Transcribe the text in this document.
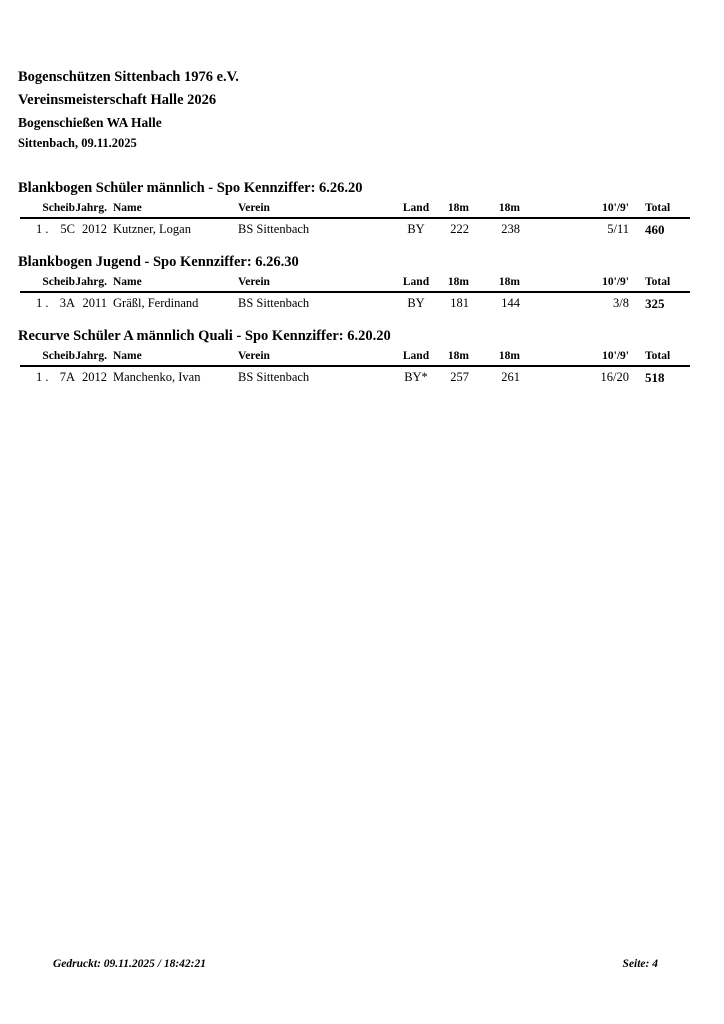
Bogenschützen Sittenbach 1976 e.V.
Vereinsmeisterschaft Halle 2026
Bogenschießen WA Halle
Sittenbach, 09.11.2025
Blankbogen Schüler männlich - Spo Kennziffer: 6.26.20
Scheib Jahrg. Name	Verein	Land	18m	18m	10'/9' Total
1 . 5C 2012 Kutzner, Logan	BS Sittenbach	BY	222	238	5/11 460
Blankbogen Jugend - Spo Kennziffer: 6.26.30
Scheib Jahrg. Name	Verein	Land	18m	18m	10'/9' Total
1 . 3A 2011 Gräßl, Ferdinand	BS Sittenbach	BY	181	144	3/8 325
Recurve Schüler A männlich Quali - Spo Kennziffer: 6.20.20
Scheib Jahrg. Name	Verein	Land	18m	18m	10'/9' Total
1 . 7A 2012 Manchenko, Ivan	BS Sittenbach	BY*	257	261	16/20 518
Gedruckt: 09.11.2025 / 18:42:21	Seite: 4
